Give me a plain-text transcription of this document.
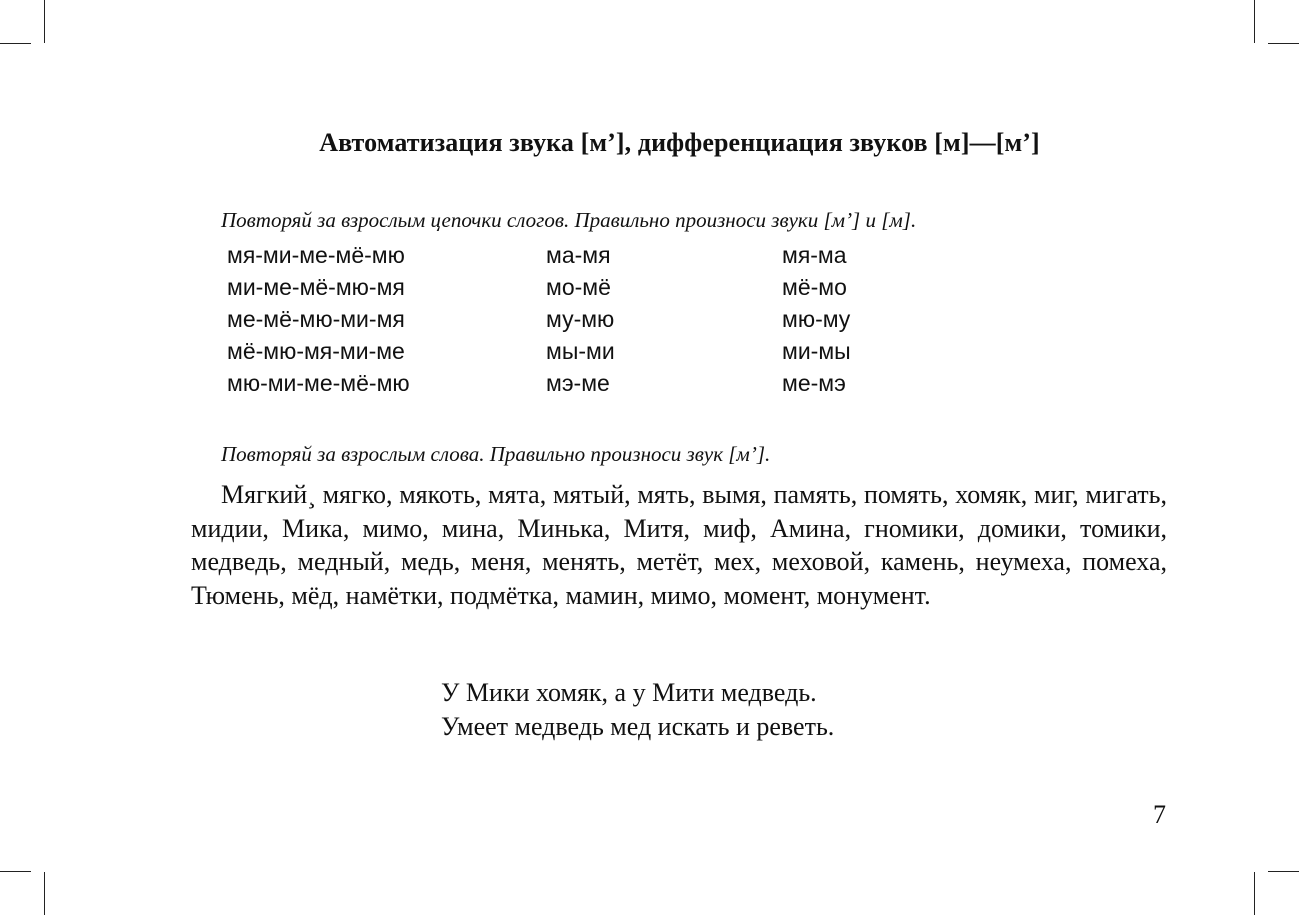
Автоматизация звука [м’], дифференциация звуков [м]—[м’]

Повторяй за взрослым цепочки слогов. Правильно произноси звуки [м’] и [м].

мя-ми-ме-мё-мю
ми-ме-мё-мю-мя
ме-мё-мю-ми-мя
мё-мю-мя-ми-ме
мю-ми-ме-мё-мю
ма-мя
мо-мё
му-мю
мы-ми
мэ-ме
мя-ма
мё-мо
мю-му
ми-мы
ме-мэ

Повторяй за взрослым слова. Правильно произноси звук [м’].

Мягкий¸ мягко, мякоть, мята, мятый, мять, вымя, память, помять, хомяк, миг, мигать, мидии, Мика, мимо, мина, Минька, Митя, миф, Амина, гномики, домики, томики, медведь, медный, медь, меня, менять, метёт, мех, меховой, камень, неумеха, помеха, Тюмень, мёд, намётки, подмётка, мамин, мимо, момент, монумент.

У Мики хомяк, а у Мити медведь.
Умеет медведь мед искать и реветь.
7
